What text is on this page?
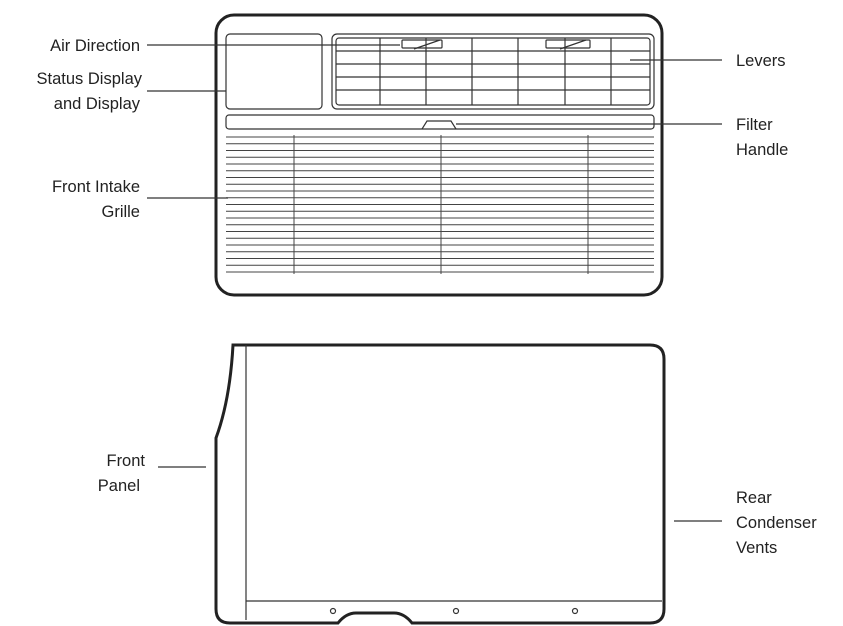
Air Direction
Status Display
and Display
Front Intake
Grille
Levers
Filter
Handle
Front
Panel
Rear
Condenser
Vents
